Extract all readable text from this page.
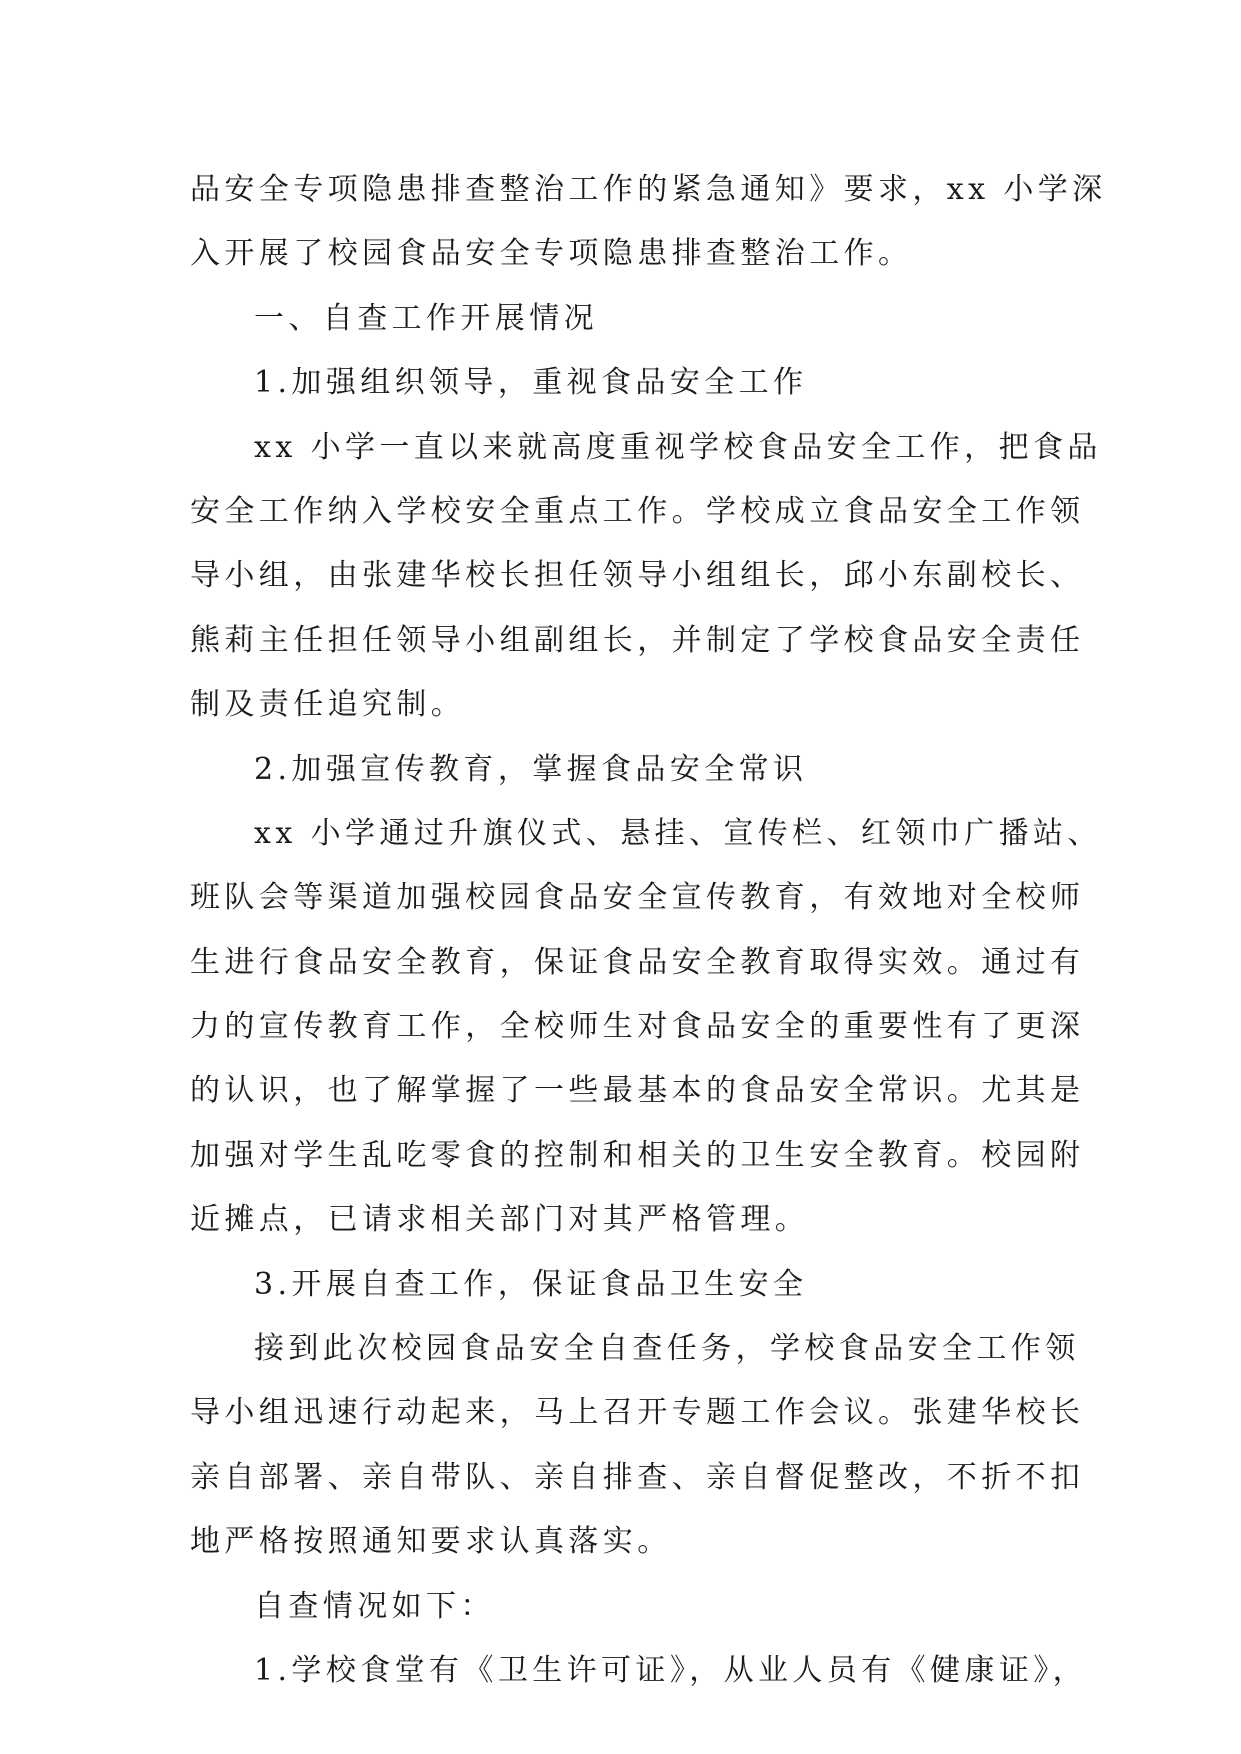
品安全专项隐患排查整治工作的紧急通知》要求，xx 小学深
入开展了校园食品安全专项隐患排查整治工作。
一、自查工作开展情况
1.加强组织领导，重视食品安全工作
xx 小学一直以来就高度重视学校食品安全工作，把食品
安全工作纳入学校安全重点工作。学校成立食品安全工作领
导小组，由张建华校长担任领导小组组长，邱小东副校长、
熊莉主任担任领导小组副组长，并制定了学校食品安全责任
制及责任追究制。
2.加强宣传教育，掌握食品安全常识
xx 小学通过升旗仪式、悬挂、宣传栏、红领巾广播站、
班队会等渠道加强校园食品安全宣传教育，有效地对全校师
生进行食品安全教育，保证食品安全教育取得实效。通过有
力的宣传教育工作，全校师生对食品安全的重要性有了更深
的认识，也了解掌握了一些最基本的食品安全常识。尤其是
加强对学生乱吃零食的控制和相关的卫生安全教育。校园附
近摊点，已请求相关部门对其严格管理。
3.开展自查工作，保证食品卫生安全
接到此次校园食品安全自查任务，学校食品安全工作领
导小组迅速行动起来，马上召开专题工作会议。张建华校长
亲自部署、亲自带队、亲自排查、亲自督促整改，不折不扣
地严格按照通知要求认真落实。
自查情况如下：
1.学校食堂有《卫生许可证》，从业人员有《健康证》，
